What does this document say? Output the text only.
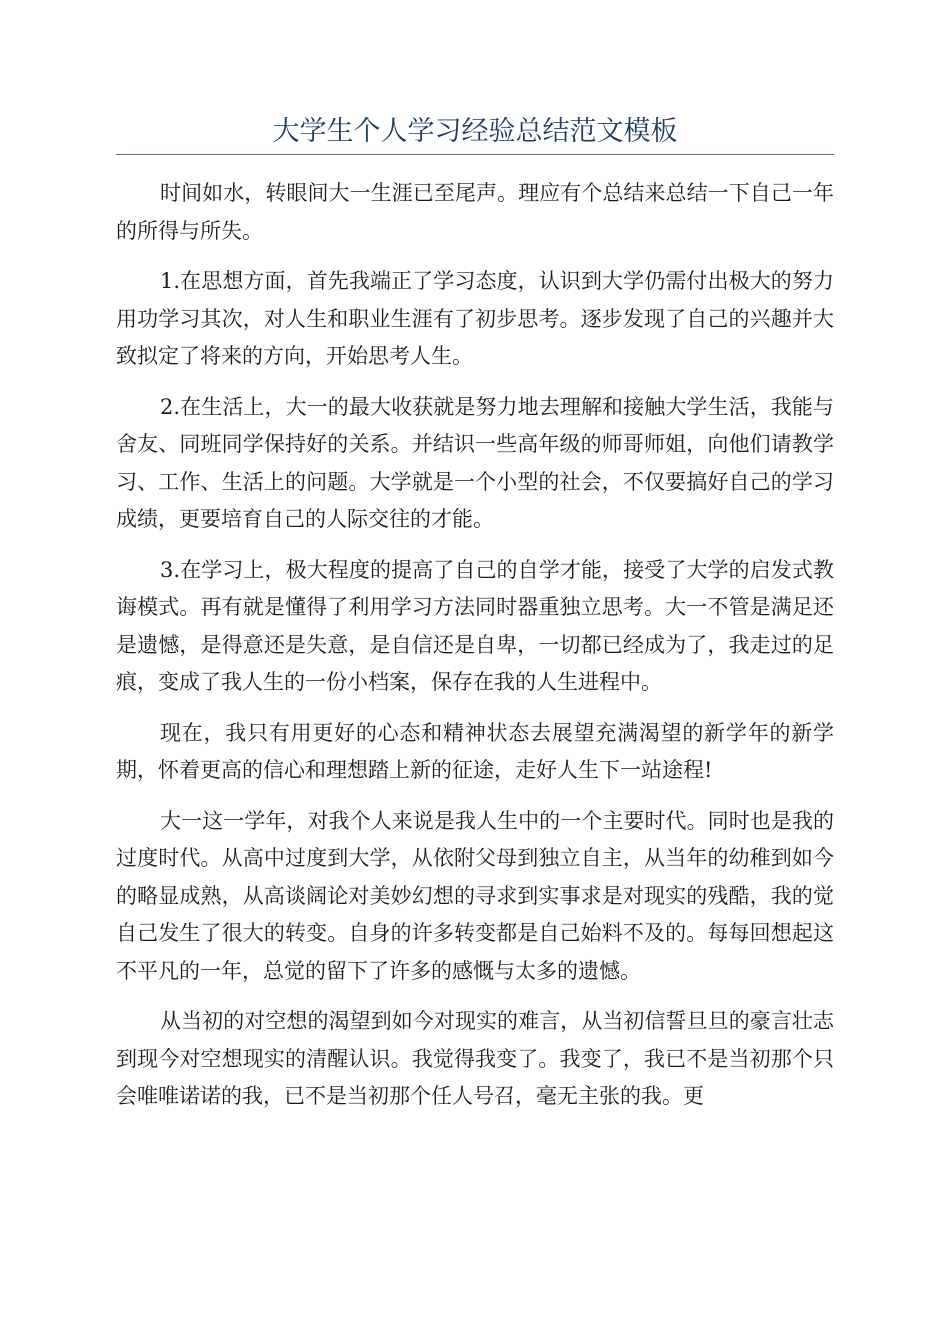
大学生个人学习经验总结范文模板

时间如水，转眼间大一生涯已至尾声。理应有个总结来总结一下自己一年的所得与所失。

1.在思想方面，首先我端正了学习态度，认识到大学仍需付出极大的努力用功学习其次，对人生和职业生涯有了初步思考。逐步发现了自己的兴趣并大致拟定了将来的方向，开始思考人生。

2.在生活上，大一的最大收获就是努力地去理解和接触大学生活，我能与舍友、同班同学保持好的关系。并结识一些高年级的师哥师姐，向他们请教学习、工作、生活上的问题。大学就是一个小型的社会，不仅要搞好自己的学习成绩，更要培育自己的人际交往的才能。

3.在学习上，极大程度的提高了自己的自学才能，接受了大学的启发式教诲模式。再有就是懂得了利用学习方法同时器重独立思考。大一不管是满足还是遗憾，是得意还是失意，是自信还是自卑，一切都已经成为了，我走过的足痕，变成了我人生的一份小档案，保存在我的人生进程中。

现在，我只有用更好的心态和精神状态去展望充满渴望的新学年的新学期，怀着更高的信心和理想踏上新的征途，走好人生下一站途程!

大一这一学年，对我个人来说是我人生中的一个主要时代。同时也是我的过度时代。从高中过度到大学，从依附父母到独立自主，从当年的幼稚到如今的略显成熟，从高谈阔论对美妙幻想的寻求到实事求是对现实的残酷，我的觉自己发生了很大的转变。自身的许多转变都是自己始料不及的。每每回想起这不平凡的一年，总觉的留下了许多的感慨与太多的遗憾。

从当初的对空想的渴望到如今对现实的难言，从当初信誓旦旦的豪言壮志到现今对空想现实的清醒认识。我觉得我变了。我变了，我已不是当初那个只会唯唯诺诺的我，已不是当初那个任人号召，毫无主张的我。更
